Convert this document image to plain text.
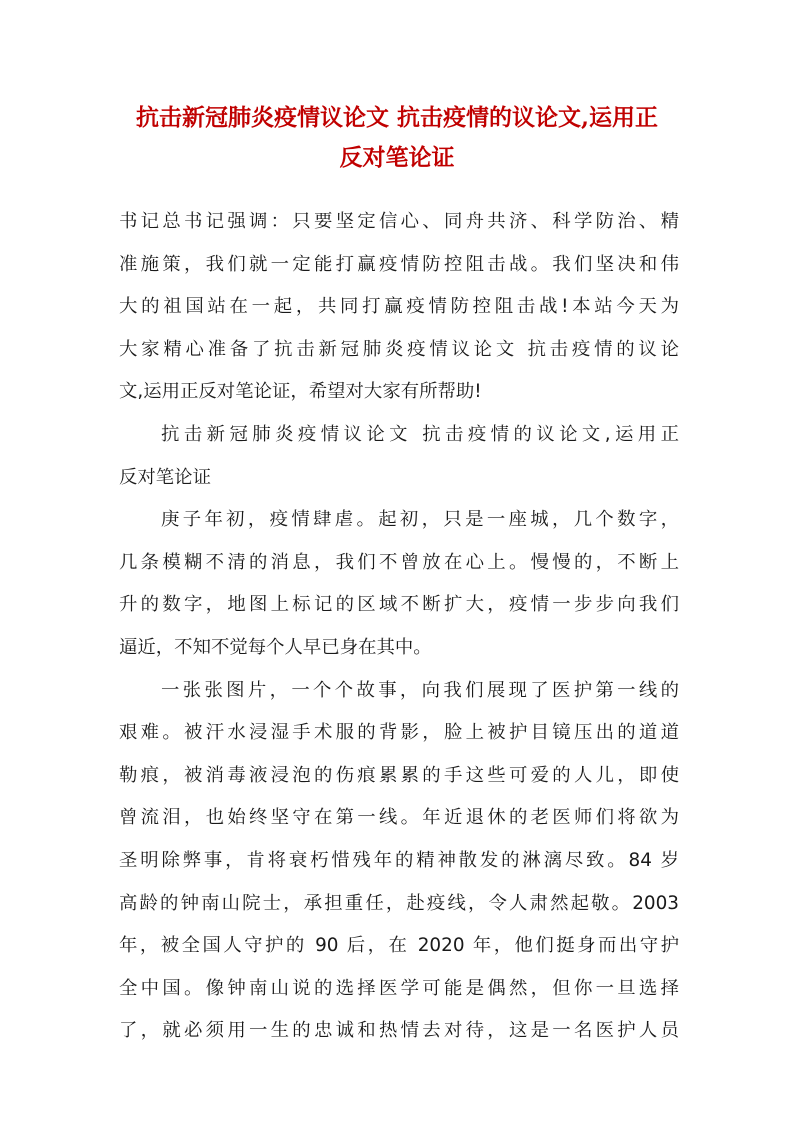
抗击新冠肺炎疫情议论文 抗击疫情的议论文,运用正
反对笔论证
书记总书记强调：只要坚定信心、同舟共济、科学防治、精
准施策，我们就一定能打赢疫情防控阻击战。我们坚决和伟
大的祖国站在一起，共同打赢疫情防控阻击战!本站今天为
大家精心准备了抗击新冠肺炎疫情议论文 抗击疫情的议论
文,运用正反对笔论证，希望对大家有所帮助!
抗击新冠肺炎疫情议论文 抗击疫情的议论文,运用正
反对笔论证
庚子年初，疫情肆虐。起初，只是一座城，几个数字，
几条模糊不清的消息，我们不曾放在心上。慢慢的，不断上
升的数字，地图上标记的区域不断扩大，疫情一步步向我们
逼近，不知不觉每个人早已身在其中。
一张张图片，一个个故事，向我们展现了医护第一线的
艰难。被汗水浸湿手术服的背影，脸上被护目镜压出的道道
勒痕，被消毒液浸泡的伤痕累累的手这些可爱的人儿，即使
曾流泪，也始终坚守在第一线。年近退休的老医师们将欲为
圣明除弊事，肯将衰朽惜残年的精神散发的淋漓尽致。84 岁
高龄的钟南山院士，承担重任，赴疫线，令人肃然起敬。2003
年，被全国人守护的 90 后，在 2020 年，他们挺身而出守护
全中国。像钟南山说的选择医学可能是偶然，但你一旦选择
了，就必须用一生的忠诚和热情去对待，这是一名医护人员
